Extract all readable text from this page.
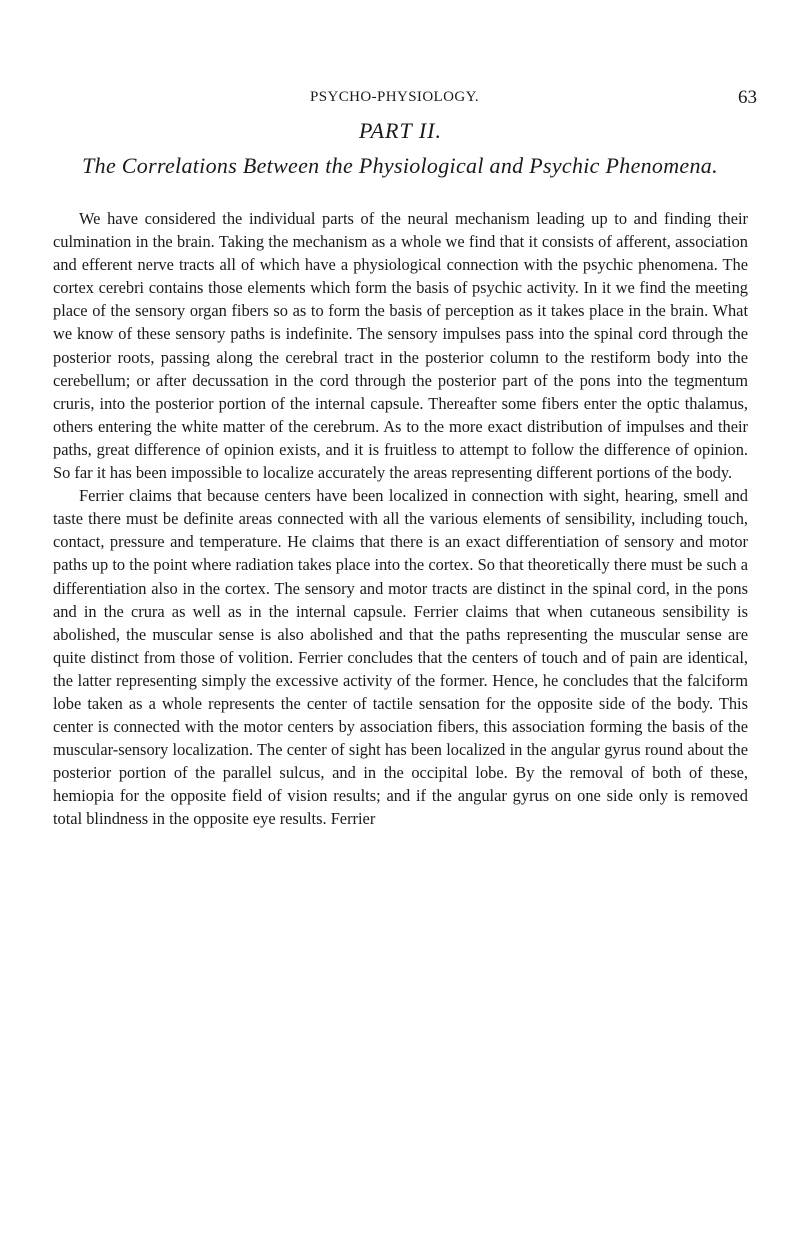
PSYCHO-PHYSIOLOGY.	63
PART II.
The Correlations Between the Physiological and Psychic Phenomena.

We have considered the individual parts of the neural mechanism leading up to and finding their culmination in the brain. Taking the mechanism as a whole we find that it consists of afferent, association and efferent nerve tracts all of which have a physiological connection with the psychic phenomena. The cortex cerebri contains those elements which form the basis of psychic activity. In it we find the meeting place of the sensory organ fibers so as to form the basis of perception as it takes place in the brain. What we know of these sensory paths is indefinite. The sensory impulses pass into the spinal cord through the posterior roots, passing along the cerebral tract in the posterior column to the restiform body into the cerebellum; or after decussation in the cord through the posterior part of the pons into the tegmentum cruris, into the posterior portion of the internal capsule. Thereafter some fibers enter the optic thalamus, others entering the white matter of the cerebrum. As to the more exact distribution of impulses and their paths, great difference of opinion exists, and it is fruitless to attempt to follow the difference of opinion. So far it has been impossible to localize accurately the areas representing different portions of the body.

Ferrier claims that because centers have been localized in connection with sight, hearing, smell and taste there must be definite areas connected with all the various elements of sensibility, including touch, contact, pressure and temperature. He claims that there is an exact differentiation of sensory and motor paths up to the point where radiation takes place into the cortex. So that theoretically there must be such a differentiation also in the cortex. The sensory and motor tracts are distinct in the spinal cord, in the pons and in the crura as well as in the internal capsule. Ferrier claims that when cutaneous sensibility is abolished, the muscular sense is also abolished and that the paths representing the muscular sense are quite distinct from those of volition. Ferrier concludes that the centers of touch and of pain are identical, the latter representing simply the excessive activity of the former. Hence, he concludes that the falciform lobe taken as a whole represents the center of tactile sensation for the opposite side of the body. This center is connected with the motor centers by association fibers, this association forming the basis of the muscular-sensory localization. The center of sight has been localized in the angular gyrus round about the posterior portion of the parallel sulcus, and in the occipital lobe. By the removal of both of these, hemiopia for the opposite field of vision results; and if the angular gyrus on one side only is removed total blindness in the opposite eye results. Ferrier
